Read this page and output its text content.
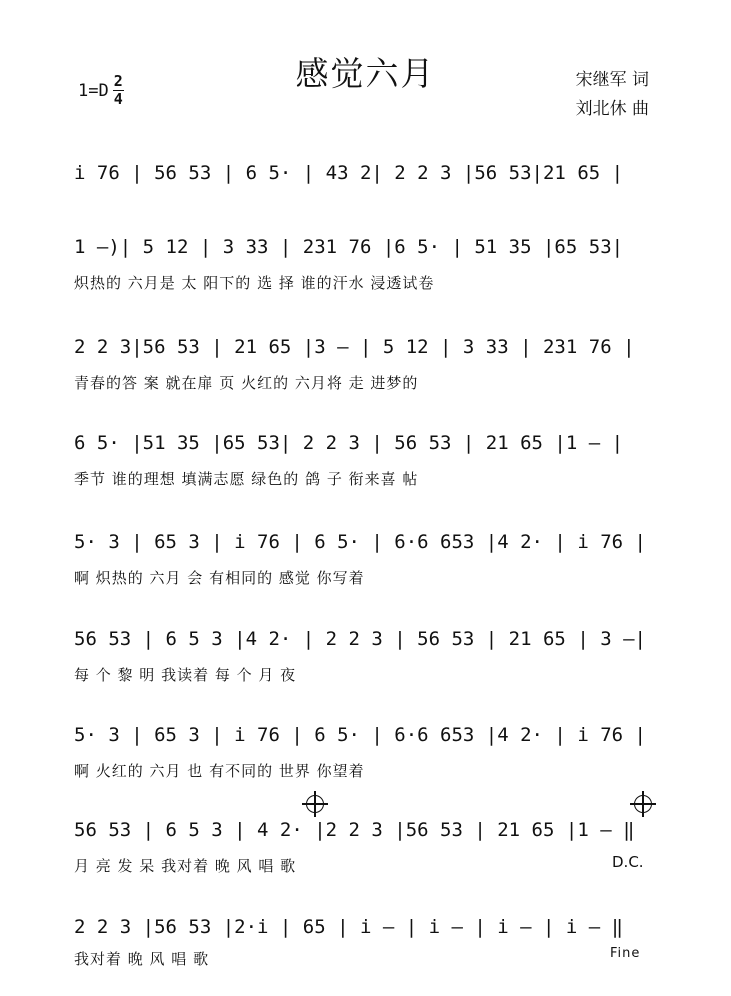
感觉六月
1=D 2
4
宋继军 词
刘北休 曲
i 76 | 56 53 | 6 5· | 43 2| 2 2 3 |56 53|21 65 |
1 –)| 5 12 | 3 33 | 231 76 |6 5· | 51 35 |65 53|
炽热的 六月是 太 阳下的 选 择 谁的汗水 浸透试卷
2 2 3|56 53 | 21 65 |3 – | 5 12 | 3 33 | 231 76 |
青春的答 案 就在扉 页 火红的 六月将 走 进梦的
6 5· |51 35 |65 53| 2 2 3 | 56 53 | 21 65 |1 – |
季节 谁的理想 填满志愿 绿色的 鸽 子 衔来喜 帖
5· 3 | 65 3 | i 76 | 6 5· | 6·6 653 |4 2· | i 76 |
啊 炽热的 六月 会 有相同的 感觉 你写着
56 53 | 6 5 3 |4 2· | 2 2 3 | 56 53 | 21 65 | 3 –|
每 个 黎 明 我读着 每 个 月 夜
5· 3 | 65 3 | i 76 | 6 5· | 6·6 653 |4 2· | i 76 |
啊 火红的 六月 也 有不同的 世界 你望着
56 53 | 6 5 3 | 4 2· |2 2 3 |56 53 | 21 65 |1 – ‖
月 亮 发 呆 我对着 晚 风 唱 歌	D.C.
2 2 3 |56 53 |2·i | 65 | i – | i – | i – | i – ‖
我对着 晚 风 唱 歌	Fine
